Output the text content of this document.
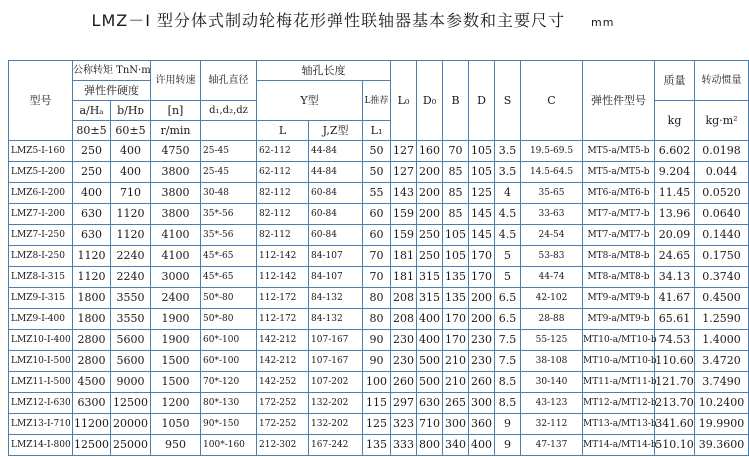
LMZ－Ⅰ 型分体式制动轮梅花形弹性联轴器基本参数和主要尺寸 mm
型号	公称转矩 TnN·m		许用转速	轴孔直径	轴孔长度			L₀	D₀	B	D	S	C	弹性件型号	质量	转动惯量
	弹性件硬度				Y型		L推荐									
	a/Hₐ	b/Hᴅ	[n]	d₁,d₂,dz											kg	kg·m²
	80±5	60±5	r/min		L	J,Z型	L₁									
LMZ5-Ⅰ-160	250	400	4750	25-45	62-112	44-84	50	127	160	70	105	3.5	19.5-69.5	MT5-a/MT5-b	6.602	0.0198
LMZ5-Ⅰ-200	250	400	3800	25-45	62-112	44-84	50	127	200	85	105	3.5	14.5-64.5	MT5-a/MT5-b	9.204	0.044
LMZ6-Ⅰ-200	400	710	3800	30-48	82-112	60-84	55	143	200	85	125	4	35-65	MT6-a/MT6-b	11.45	0.0520
LMZ7-Ⅰ-200	630	1120	3800	35*-56	82-112	60-84	60	159	200	85	145	4.5	33-63	MT7-a/MT7-b	13.96	0.0640
LMZ7-Ⅰ-250	630	1120	4100	35*-56	82-112	60-84	60	159	250	105	145	4.5	24-54	MT7-a/MT7-b	20.09	0.1440
LMZ8-Ⅰ-250	1120	2240	4100	45*-65	112-142	84-107	70	181	250	105	170	5	53-83	MT8-a/MT8-b	24.65	0.1750
LMZ8-Ⅰ-315	1120	2240	3000	45*-65	112-142	84-107	70	181	315	135	170	5	44-74	MT8-a/MT8-b	34.13	0.3740
LMZ9-Ⅰ-315	1800	3550	2400	50*-80	112-172	84-132	80	208	315	135	200	6.5	42-102	MT9-a/MT9-b	41.67	0.4500
LMZ9-Ⅰ-400	1800	3550	1900	50*-80	112-172	84-132	80	208	400	170	200	6.5	28-88	MT9-a/MT9-b	65.61	1.2590
LMZ10-Ⅰ-400	2800	5600	1900	60*-100	142-212	107-167	90	230	400	170	230	7.5	55-125	MT10-a/MT10-b	74.53	1.4000
LMZ10-Ⅰ-500	2800	5600	1500	60*-100	142-212	107-167	90	230	500	210	230	7.5	38-108	MT10-a/MT10-b	110.60	3.4720
LMZ11-Ⅰ-500	4500	9000	1500	70*-120	142-252	107-202	100	260	500	210	260	8.5	30-140	MT11-a/MT11-b	121.70	3.7490
LMZ12-Ⅰ-630	6300	12500	1200	80*-130	172-252	132-202	115	297	630	265	300	8.5	43-123	MT12-a/MT12-b	213.70	10.2400
LMZ13-Ⅰ-710	11200	20000	1050	90*-150	172-252	132-202	125	323	710	300	360	9	32-112	MT13-a/MT13-b	341.60	19.9900
LMZ14-Ⅰ-800	12500	25000	950	100*-160	212-302	167-242	135	333	800	340	400	9	47-137	MT14-a/MT14-b	510.10	39.3600
